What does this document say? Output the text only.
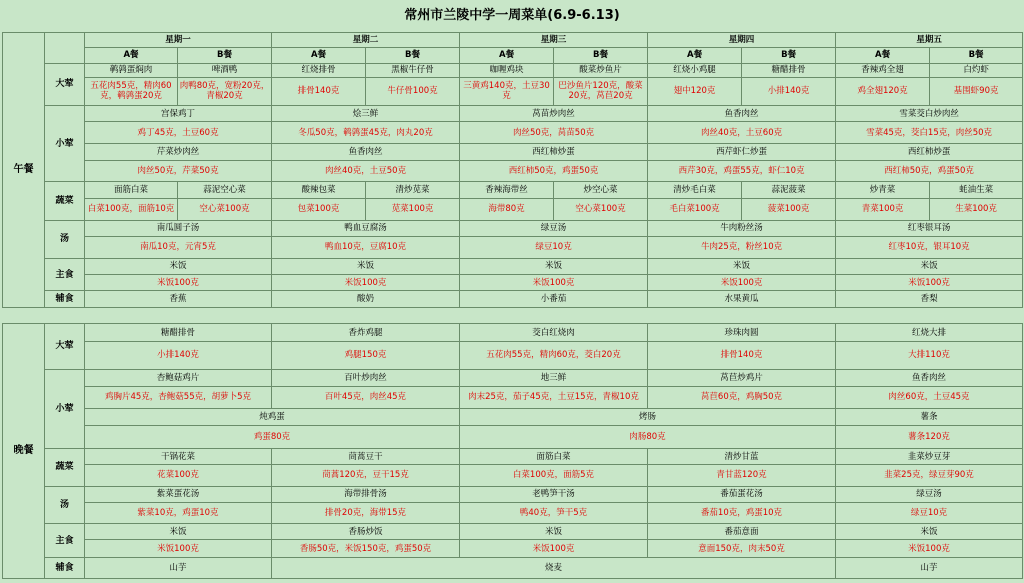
常州市兰陵中学一周菜单(6.9-6.13)
午餐		星期一		星期二		星期三		星期四		星期五	
		A餐	B餐	A餐	B餐	A餐	B餐	A餐	B餐	A餐	B餐
	大荤	鹌鹑蛋焖肉	啤酒鸭	红烧排骨	黑椒牛仔骨	咖喱鸡块	酸菜炒鱼片	红烧小鸡腿	糖醋排骨	香辣鸡全翅	白灼虾
		五花肉55克，精肉60克，鹌鹑蛋20克	肉鸭80克，宽粉20克，青椒20克	排骨140克	牛仔骨100克	三黄鸡140克，土豆30克	巴沙鱼片120克，酸菜20克，莴苣20克	翅中120克	小排140克	鸡全翅120克	基围虾90克
	小荤	宫保鸡丁		烩三鲜		莴苗炒肉丝		鱼香肉丝		雪菜茭白炒肉丝	
		鸡丁45克，土豆60克		冬瓜50克，鹌鹑蛋45克，肉丸20克		肉丝50克，莴苗50克		肉丝40克，土豆60克		雪菜45克，茭白15克，肉丝50克	
		芹菜炒肉丝		鱼香肉丝		西红柿炒蛋		西芹虾仁炒蛋		西红柿炒蛋	
		肉丝50克，芹菜50克		肉丝40克，土豆50克		西红柿50克，鸡蛋50克		西芹30克，鸡蛋55克，虾仁10克		西红柿50克，鸡蛋50克	
	蔬菜	面筋白菜	蒜泥空心菜	酸辣包菜	清炒苋菜	香辣海带丝	炒空心菜	清炒毛白菜	蒜泥菠菜	炒青菜	蚝油生菜
		白菜100克，面筋10克	空心菜100克	包菜100克	苋菜100克	海带80克	空心菜100克	毛白菜100克	菠菜100克	青菜100克	生菜100克
	汤	南瓜圆子汤		鸭血豆腐汤		绿豆汤		牛肉粉丝汤		红枣银耳汤	
		南瓜10克，元宵5克		鸭血10克，豆腐10克		绿豆10克		牛肉25克，粉丝10克		红枣10克，银耳10克	
	主食	米饭		米饭		米饭		米饭		米饭	
		米饭100克		米饭100克		米饭100克		米饭100克		米饭100克	
	辅食	香蕉		酸奶		小番茄		水果黄瓜		香梨	
晚餐	大荤	糖醋排骨	香炸鸡腿	茭白红烧肉	珍珠肉圆	红烧大排
		小排140克	鸡腿150克	五花肉55克，精肉60克，茭白20克	排骨140克	大排110克
	小荤	杏鲍菇鸡片	百叶炒肉丝	地三鲜	莴苣炒鸡片	鱼香肉丝
		鸡胸片45克，杏鲍菇55克，胡萝卜5克	百叶45克，肉丝45克	肉末25克，茄子45克，土豆15克，青椒10克	莴苣60克，鸡胸50克	肉丝60克，土豆45克
		炖鸡蛋		烤肠		薯条
		鸡蛋80克		肉肠80克		薯条120克
	蔬菜	干锅花菜	茼蒿豆干	面筋白菜	清炒甘蓝	韭菜炒豆芽
		花菜100克	茼蒿120克，豆干15克	白菜100克，面筋5克	青甘蓝120克	韭菜25克，绿豆芽90克
	汤	紫菜蛋花汤	海带排骨汤	老鸭笋干汤	番茄蛋花汤	绿豆汤
		紫菜10克，鸡蛋10克	排骨20克，海带15克	鸭40克，笋干5克	番茄10克，鸡蛋10克	绿豆10克
	主食	米饭	香肠炒饭	米饭	番茄意面	米饭
		米饭100克	香肠50克，米饭150克，鸡蛋50克	米饭100克	意面150克，肉末50克	米饭100克
	辅食	山芋	烧麦			山芋
